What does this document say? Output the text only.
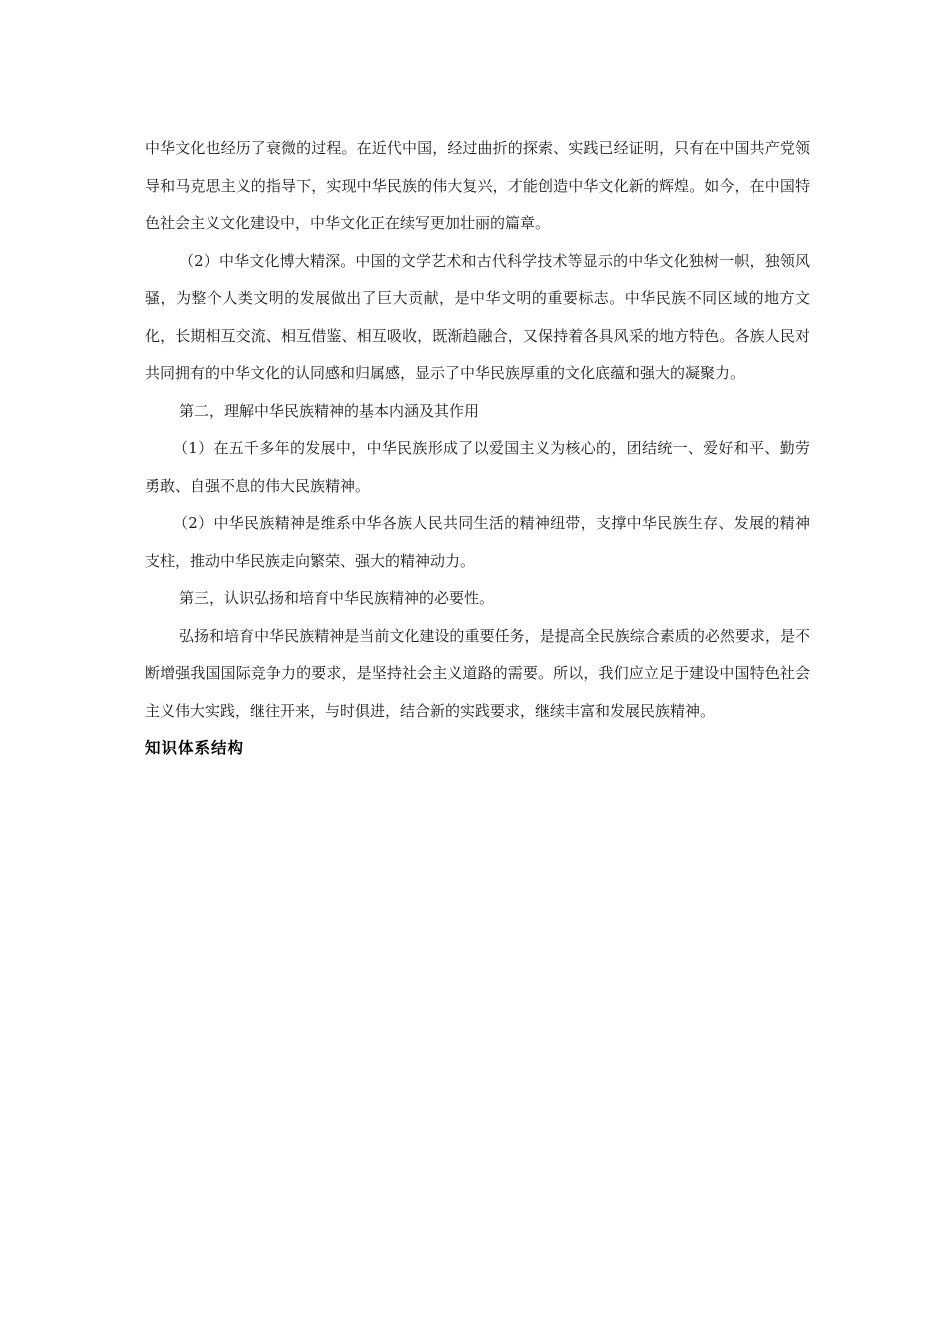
中华文化也经历了衰微的过程。在近代中国，经过曲折的探索、实践已经证明，只有在中国共产党领导和马克思主义的指导下，实现中华民族的伟大复兴，才能创造中华文化新的辉煌。如今，在中国特色社会主义文化建设中，中华文化正在续写更加壮丽的篇章。

（2）中华文化博大精深。中国的文学艺术和古代科学技术等显示的中华文化独树一帜，独领风骚，为整个人类文明的发展做出了巨大贡献，是中华文明的重要标志。中华民族不同区域的地方文化，长期相互交流、相互借鉴、相互吸收，既渐趋融合，又保持着各具风采的地方特色。各族人民对共同拥有的中华文化的认同感和归属感，显示了中华民族厚重的文化底蕴和强大的凝聚力。

第二，理解中华民族精神的基本内涵及其作用

（1）在五千多年的发展中，中华民族形成了以爱国主义为核心的，团结统一、爱好和平、勤劳勇敢、自强不息的伟大民族精神。

（2）中华民族精神是维系中华各族人民共同生活的精神纽带，支撑中华民族生存、发展的精神支柱，推动中华民族走向繁荣、强大的精神动力。

第三，认识弘扬和培育中华民族精神的必要性。

弘扬和培育中华民族精神是当前文化建设的重要任务，是提高全民族综合素质的必然要求，是不断增强我国国际竞争力的要求，是坚持社会主义道路的需要。所以，我们应立足于建设中国特色社会主义伟大实践，继往开来，与时俱进，结合新的实践要求，继续丰富和发展民族精神。

知识体系结构
